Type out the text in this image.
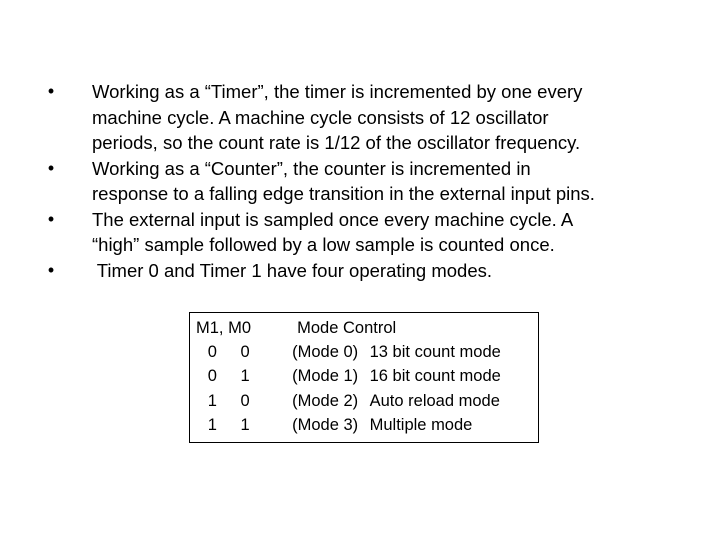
• Working as a “Timer”, the timer is incremented by one every
machine cycle. A machine cycle consists of 12 oscillator
periods, so the count rate is 1/12 of the oscillator frequency.
• Working as a “Counter”, the counter is incremented in
response to a falling edge transition in the external input pins.
• The external input is sampled once every machine cycle. A
“high” sample followed by a low sample is counted once.
• Timer 0 and Timer 1 have four operating modes.
M1, M0			Mode Control	
0	0		(Mode 0)	13 bit count mode
0	1		(Mode 1)	16 bit count mode
1	0		(Mode 2)	Auto reload mode
1	1		(Mode 3)	Multiple mode
